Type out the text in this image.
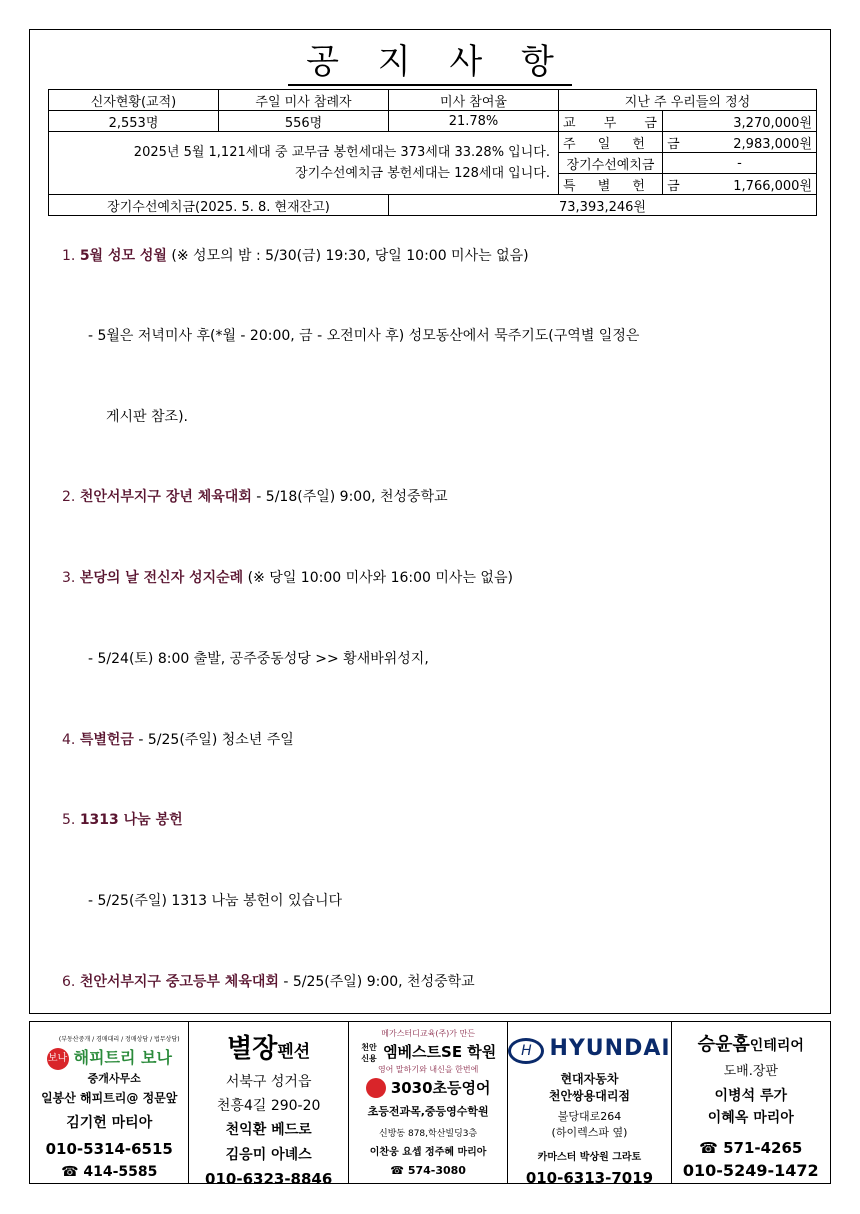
공 지 사 항
신자현황(교적)	주일 미사 참례자	미사 참여율	지난 주 우리들의 정성	
2,553명	556명	21.78%	교 무 금	3,270,000원

2025년 5월 1,121세대 중 교무금 봉헌세대는 373세대 33.28% 입니다.
장기수선예치금 봉헌세대는 128세대 입니다.			주 일 헌 금	2,983,000원
			장기수선예치금	-
			특 별 헌 금	1,766,000원
장기수선예치금(2025. 5. 8. 현재잔고)		73,393,246원		
1. 5월 성모 성월 (※ 성모의 밤 : 5/30(금) 19:30, 당일 10:00 미사는 없음)
- 5월은 저녁미사 후(*월 - 20:00, 금 - 오전미사 후) 성모동산에서 묵주기도(구역별 일정은
게시판 참조).
2. 천안서부지구 장년 체육대회 - 5/18(주일) 9:00, 천성중학교
3. 본당의 날 전신자 성지순례 (※ 당일 10:00 미사와 16:00 미사는 없음)
- 5/24(토) 8:00 출발, 공주중동성당 >> 황새바위성지,
4. 특별헌금 - 5/25(주일) 청소년 주일
5. 1313 나눔 봉헌
- 5/25(주일) 1313 나눔 봉헌이 있습니다
6. 천안서부지구 중고등부 체육대회 - 5/25(주일) 9:00, 천성중학교
(부동산중개 / 경매대리 / 정매상담 / 법무상담)
보나 해피트리 보나
중개사무소
일봉산 해피트리@ 정문앞
김기헌 마티아
010-5314-6515
☎ 414-5585
별장펜션
서북구 성거읍
천흥4길 290-20
천익환 베드로
김응미 아녜스
010-6323-8846
메가스터디교육(주)가 만든
천안 신용 엠베스트SE 학원
영어 말하기와 내신을 한번에
3030초등영어
초등전과목,중등영수학원
신방동 878,학산빌딩3층
이찬웅 요셉 정주혜 마리아
☎ 574-3080
H HYUNDAI
현대자동차
천안쌍용대리점
불당대로264
(하이렉스파 옆)
카마스터 박상원 그라토
010-6313-7019
승윤홈인테리어
도배.장판
이병석 루가
이혜옥 마리아
☎ 571-4265
010-5249-1472
